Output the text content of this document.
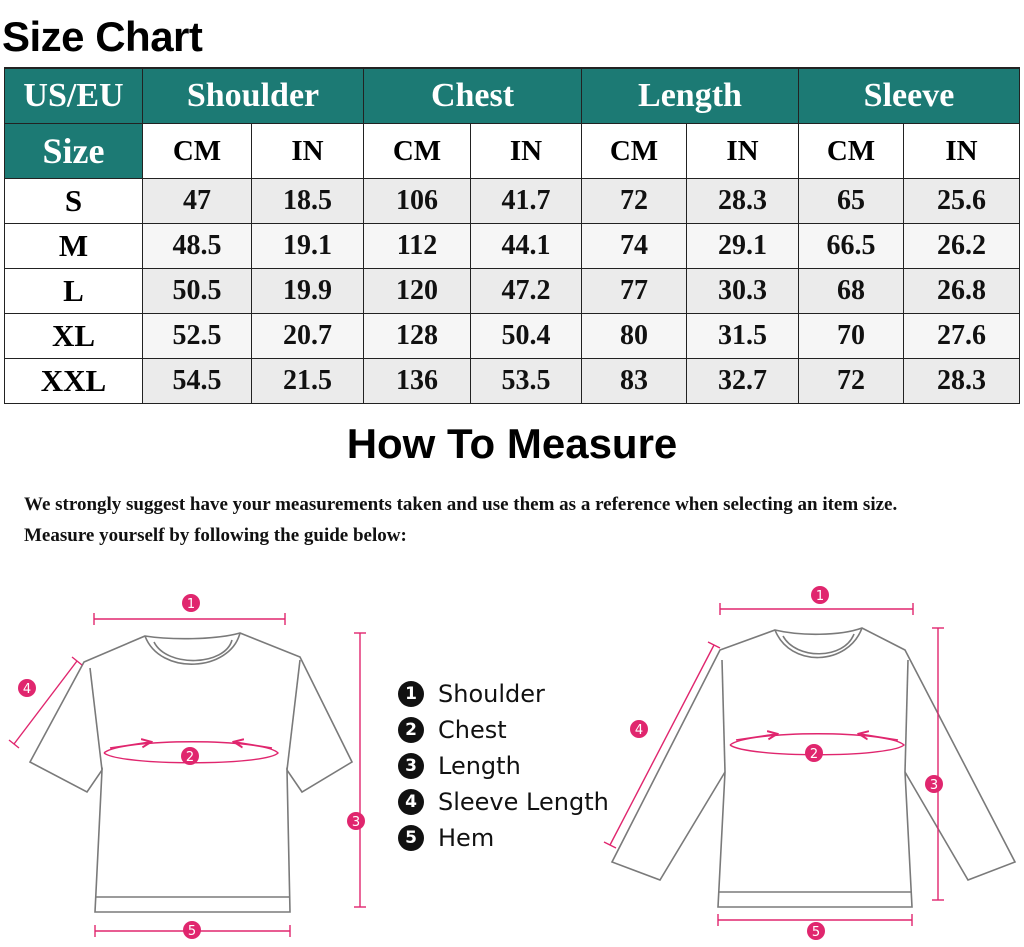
Size Chart
US/EU	Shoulder		Chest		Length		Sleeve	
Size	CM	IN	CM	IN	CM	IN	CM	IN
S	47	18.5	106	41.7	72	28.3	65	25.6
M	48.5	19.1	112	44.1	74	29.1	66.5	26.2
L	50.5	19.9	120	47.2	77	30.3	68	26.8
XL	52.5	20.7	128	50.4	80	31.5	70	27.6
XXL	54.5	21.5	136	53.5	83	32.7	72	28.3
How To Measure
We strongly suggest have your measurements taken and use them as a reference when selecting an item size.
Measure yourself by following the guide below:
1
2
3
4
5
1
2
3
4
5
1 Shoulder
2 Chest
3 Length
4 Sleeve Length
5 Hem
